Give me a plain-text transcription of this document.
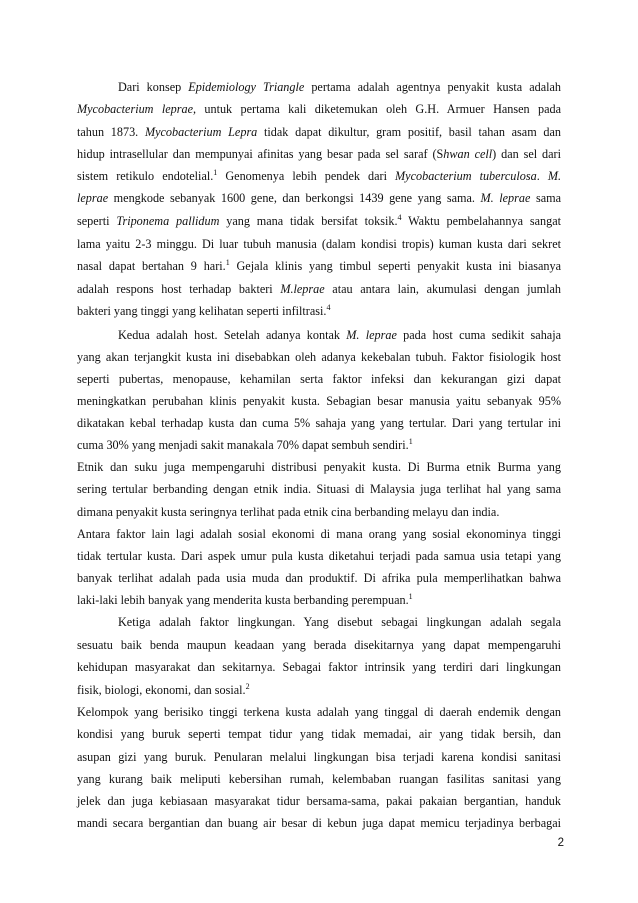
Dari konsep Epidemiology Triangle pertama adalah agentnya penyakit kusta adalah
Mycobacterium leprae, untuk pertama kali diketemukan oleh G.H. Armuer Hansen pada
tahun 1873. Mycobacterium Lepra tidak dapat dikultur, gram positif, basil tahan asam dan
hidup intrasellular dan mempunyai afinitas yang besar pada sel saraf (Shwan cell) dan sel dari
sistem retikulo endotelial.$^1$ Genomenya lebih pendek dari Mycobacterium tuberculosa. M.
leprae mengkode sebanyak 1600 gene, dan berkongsi 1439 gene yang sama. M. leprae sama
seperti Triponema pallidum yang mana tidak bersifat toksik.$^4$ Waktu pembelahannya sangat
lama yaitu 2-3 minggu. Di luar tubuh manusia (dalam kondisi tropis) kuman kusta dari sekret
nasal dapat bertahan 9 hari.$^1$ Gejala klinis yang timbul seperti penyakit kusta ini biasanya
adalah respons host terhadap bakteri M.leprae atau antara lain, akumulasi dengan jumlah
bakteri yang tinggi yang kelihatan seperti infiltrasi.$^4$
Kedua adalah host. Setelah adanya kontak M. leprae pada host cuma sedikit sahaja
yang akan terjangkit kusta ini disebabkan oleh adanya kekebalan tubuh. Faktor fisiologik host
seperti pubertas, menopause, kehamilan serta faktor infeksi dan kekurangan gizi dapat
meningkatkan perubahan klinis penyakit kusta. Sebagian besar manusia yaitu sebanyak 95%
dikatakan kebal terhadap kusta dan cuma 5% sahaja yang yang tertular. Dari yang tertular ini
cuma 30% yang menjadi sakit manakala 70% dapat sembuh sendiri.$^1$
Etnik dan suku juga mempengaruhi distribusi penyakit kusta. Di Burma etnik Burma yang
sering tertular berbanding dengan etnik india. Situasi di Malaysia juga terlihat hal yang sama
dimana penyakit kusta seringnya terlihat pada etnik cina berbanding melayu dan india.
Antara faktor lain lagi adalah sosial ekonomi di mana orang yang sosial ekonominya tinggi
tidak tertular kusta. Dari aspek umur pula kusta diketahui terjadi pada samua usia tetapi yang
banyak terlihat adalah pada usia muda dan produktif. Di afrika pula memperlihatkan bahwa
laki-laki lebih banyak yang menderita kusta berbanding perempuan.$^1$
Ketiga adalah faktor lingkungan. Yang disebut sebagai lingkungan adalah segala
sesuatu baik benda maupun keadaan yang berada disekitarnya yang dapat mempengaruhi
kehidupan masyarakat dan sekitarnya. Sebagai faktor intrinsik yang terdiri dari lingkungan
fisik, biologi, ekonomi, dan sosial.$^2$
Kelompok yang berisiko tinggi terkena kusta adalah yang tinggal di daerah endemik dengan
kondisi yang buruk seperti tempat tidur yang tidak memadai, air yang tidak bersih, dan
asupan gizi yang buruk. Penularan melalui lingkungan bisa terjadi karena kondisi sanitasi
yang kurang baik meliputi kebersihan rumah, kelembaban ruangan fasilitas sanitasi yang
jelek dan juga kebiasaan masyarakat tidur bersama-sama, pakai pakaian bergantian, handuk
mandi secara bergantian dan buang air besar di kebun juga dapat memicu terjadinya berbagai
2
